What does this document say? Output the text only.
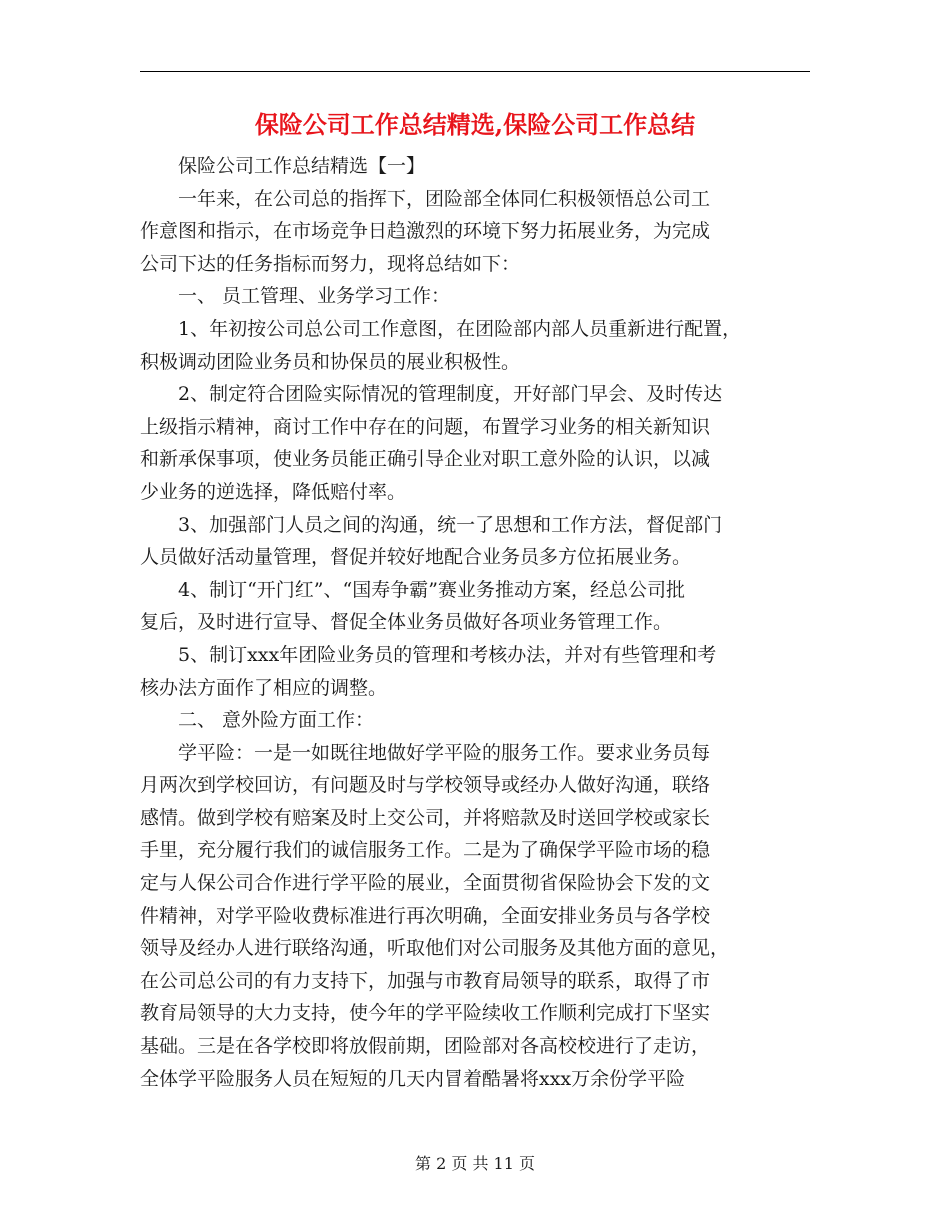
保险公司工作总结精选,保险公司工作总结
　　保险公司工作总结精选【一】
　　一年来，在公司总的指挥下，团险部全体同仁积极领悟总公司工
作意图和指示，在市场竞争日趋激烈的环境下努力拓展业务，为完成
公司下达的任务指标而努力，现将总结如下：
　　一、 员工管理、业务学习工作：
　　1、年初按公司总公司工作意图，在团险部内部人员重新进行配置，
积极调动团险业务员和协保员的展业积极性。
　　2、制定符合团险实际情况的管理制度，开好部门早会、及时传达
上级指示精神，商讨工作中存在的问题，布置学习业务的相关新知识
和新承保事项，使业务员能正确引导企业对职工意外险的认识，以减
少业务的逆选择，降低赔付率。
　　3、加强部门人员之间的沟通，统一了思想和工作方法，督促部门
人员做好活动量管理，督促并较好地配合业务员多方位拓展业务。
　　4、制订“开门红”、“国寿争霸”赛业务推动方案，经总公司批
复后，及时进行宣导、督促全体业务员做好各项业务管理工作。
　　5、制订xxx年团险业务员的管理和考核办法，并对有些管理和考
核办法方面作了相应的调整。
　　二、 意外险方面工作：
　　学平险：一是一如既往地做好学平险的服务工作。要求业务员每
月两次到学校回访，有问题及时与学校领导或经办人做好沟通，联络
感情。做到学校有赔案及时上交公司，并将赔款及时送回学校或家长
手里，充分履行我们的诚信服务工作。二是为了确保学平险市场的稳
定与人保公司合作进行学平险的展业，全面贯彻省保险协会下发的文
件精神，对学平险收费标准进行再次明确，全面安排业务员与各学校
领导及经办人进行联络沟通，听取他们对公司服务及其他方面的意见，
在公司总公司的有力支持下，加强与市教育局领导的联系，取得了市
教育局领导的大力支持，使今年的学平险续收工作顺利完成打下坚实
基础。三是在各学校即将放假前期，团险部对各高校校进行了走访，
全体学平险服务人员在短短的几天内冒着酷暑将xxx万余份学平险
第 2 页 共 11 页
